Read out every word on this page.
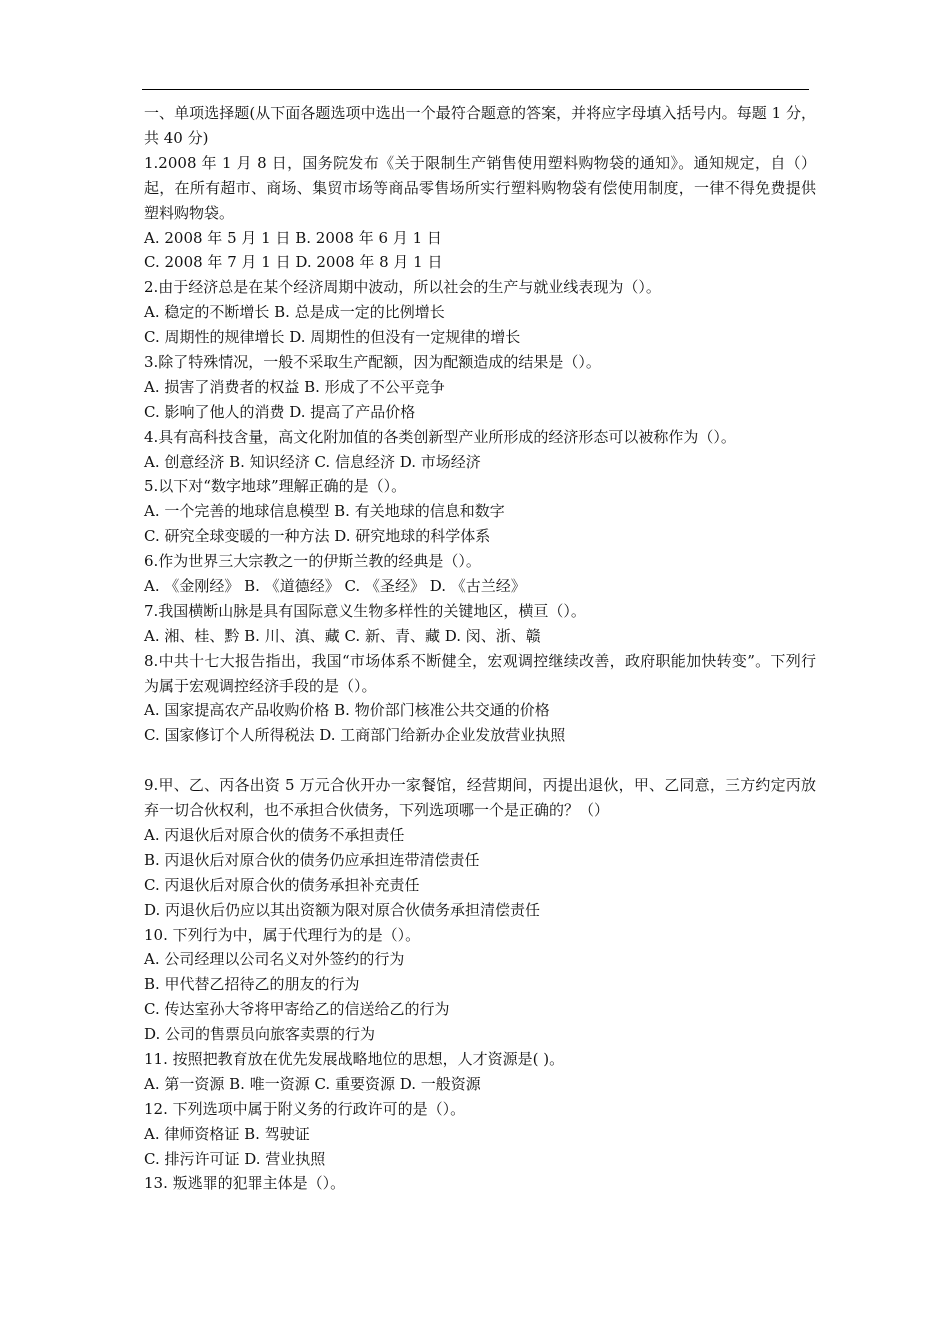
一、单项选择题(从下面各题选项中选出一个最符合题意的答案，并将应字母填入括号内。每题 1 分，共 40 分)
1.2008 年 1 月 8 日，国务院发布《关于限制生产销售使用塑料购物袋的通知》。通知规定，自（）起，在所有超市、商场、集贸市场等商品零售场所实行塑料购物袋有偿使用制度，一律不得免费提供塑料购物袋。
A. 2008 年 5 月 1 日 B. 2008 年 6 月 1 日
C. 2008 年 7 月 1 日 D. 2008 年 8 月 1 日
2.由于经济总是在某个经济周期中波动，所以社会的生产与就业线表现为（）。
A. 稳定的不断增长 B. 总是成一定的比例增长
C. 周期性的规律增长 D. 周期性的但没有一定规律的增长
3.除了特殊情况，一般不采取生产配额，因为配额造成的结果是（）。
A. 损害了消费者的权益 B. 形成了不公平竞争
C. 影响了他人的消费 D. 提高了产品价格
4.具有高科技含量，高文化附加值的各类创新型产业所形成的经济形态可以被称作为（）。
A. 创意经济 B. 知识经济 C. 信息经济 D. 市场经济
5.以下对“数字地球”理解正确的是（）。
A. 一个完善的地球信息模型 B. 有关地球的信息和数字
C. 研究全球变暖的一种方法 D. 研究地球的科学体系
6.作为世界三大宗教之一的伊斯兰教的经典是（）。
A. 《金刚经》 B. 《道德经》 C. 《圣经》 D. 《古兰经》
7.我国横断山脉是具有国际意义生物多样性的关键地区，横亘（）。
A. 湘、桂、黔 B. 川、滇、藏 C. 新、青、藏 D. 闵、浙、赣
8.中共十七大报告指出，我国“市场体系不断健全，宏观调控继续改善，政府职能加快转变”。下列行为属于宏观调控经济手段的是（）。
A. 国家提高农产品收购价格 B. 物价部门核准公共交通的价格
C. 国家修订个人所得税法 D. 工商部门给新办企业发放营业执照
9.甲、乙、丙各出资 5 万元合伙开办一家餐馆，经营期间，丙提出退伙，甲、乙同意，三方约定丙放弃一切合伙权利，也不承担合伙债务，下列选项哪一个是正确的？（）
A. 丙退伙后对原合伙的债务不承担责任
B. 丙退伙后对原合伙的债务仍应承担连带清偿责任
C. 丙退伙后对原合伙的债务承担补充责任
D. 丙退伙后仍应以其出资额为限对原合伙债务承担清偿责任
10. 下列行为中，属于代理行为的是（）。
A. 公司经理以公司名义对外签约的行为
B. 甲代替乙招待乙的朋友的行为
C. 传达室孙大爷将甲寄给乙的信送给乙的行为
D. 公司的售票员向旅客卖票的行为
11. 按照把教育放在优先发展战略地位的思想，人才资源是( )。
A. 第一资源 B. 唯一资源 C. 重要资源 D. 一般资源
12. 下列选项中属于附义务的行政许可的是（）。
A. 律师资格证 B. 驾驶证
C. 排污许可证 D. 营业执照
13. 叛逃罪的犯罪主体是（）。
